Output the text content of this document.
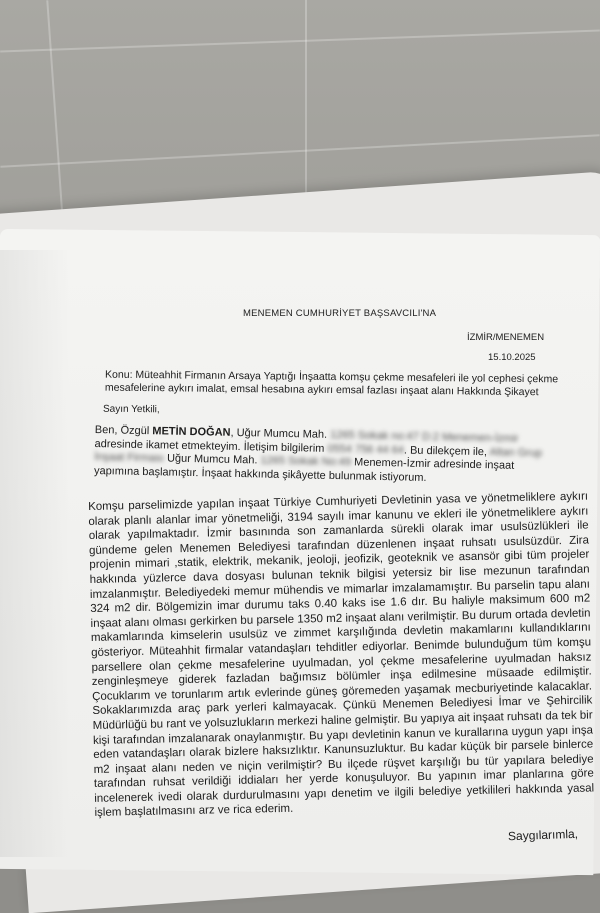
MENEMEN CUMHURİYET BAŞSAVCILI'NA
İZMİR/MENEMEN
15.10.2025
Konu: Müteahhit Firmanın Arsaya Yaptığı İnşaatta komşu çekme mesafeleri ile yol cephesi çekme mesafelerine aykırı imalat, emsal hesabına aykırı emsal fazlası inşaat alanı Hakkında Şikayet
Sayın Yetkili,
Ben, Özgül METİN DOĞAN, Uğur Mumcu Mah. 1265 Sokak no:47 D:2 Menemen-İzmir adresinde ikamet etmekteyim. İletişim bilgilerim 0554 756 44 64. Bu dilekçem ile, Altan Grup İnşaat Firması Uğur Mumcu Mah. 1265 Sokak No:49 Menemen-İzmir adresinde inşaat yapımına başlamıştır. İnşaat hakkında şikâyette bulunmak istiyorum.
Komşu parselimizde yapılan inşaat Türkiye Cumhuriyeti Devletinin yasa ve yönetmeliklere aykırı olarak planlı alanlar imar yönetmeliği, 3194 sayılı imar kanunu ve ekleri ile yönetmeliklere aykırı olarak yapılmaktadır. İzmir basınında son zamanlarda sürekli olarak imar usulsüzlükleri ile gündeme gelen Menemen Belediyesi tarafından düzenlenen inşaat ruhsatı usulsüzdür. Zira projenin mimari ,statik, elektrik, mekanik, jeoloji, jeofizik, geoteknik ve asansör gibi tüm projeler hakkında yüzlerce dava dosyası bulunan teknik bilgisi yetersiz bir lise mezunun tarafından imzalanmıştır. Belediyedeki memur mühendis ve mimarlar imzalamamıştır. Bu parselin tapu alanı 324 m2 dir. Bölgemizin imar durumu taks 0.40 kaks ise 1.6 dır. Bu haliyle maksimum 600 m2 inşaat alanı olması gerkirken bu parsele 1350 m2 inşaat alanı verilmiştir. Bu durum ortada devletin makamlarında kimselerin usulsüz ve zimmet karşılığında devletin makamlarını kullandıklarını gösteriyor. Müteahhit firmalar vatandaşları tehditler ediyorlar. Benimde bulunduğum tüm komşu parsellere olan çekme mesafelerine uyulmadan, yol çekme mesafelerine uyulmadan haksız zenginleşmeye giderek fazladan bağımsız bölümler inşa edilmesine müsaade edilmiştir. Çocuklarım ve torunlarım artık evlerinde güneş göremeden yaşamak mecburiyetinde kalacaklar. Sokaklarımızda araç park yerleri kalmayacak. Çünkü Menemen Belediyesi İmar ve Şehircilik Müdürlüğü bu rant ve yolsuzlukların merkezi haline gelmiştir. Bu yapıya ait inşaat ruhsatı da tek bir kişi tarafından imzalanarak onaylanmıştır. Bu yapı devletinin kanun ve kurallarına uygun yapı inşa eden vatandaşları olarak bizlere haksızlıktır. Kanunsuzluktur. Bu kadar küçük bir parsele binlerce m2 inşaat alanı neden ve niçin verilmiştir? Bu ilçede rüşvet karşılığı bu tür yapılara belediye tarafından ruhsat verildiği iddiaları her yerde konuşuluyor. Bu yapının imar planlarına göre incelenerek ivedi olarak durdurulmasını yapı denetim ve ilgili belediye yetkilileri hakkında yasal işlem başlatılmasını arz ve rica ederim.
Saygılarımla,
